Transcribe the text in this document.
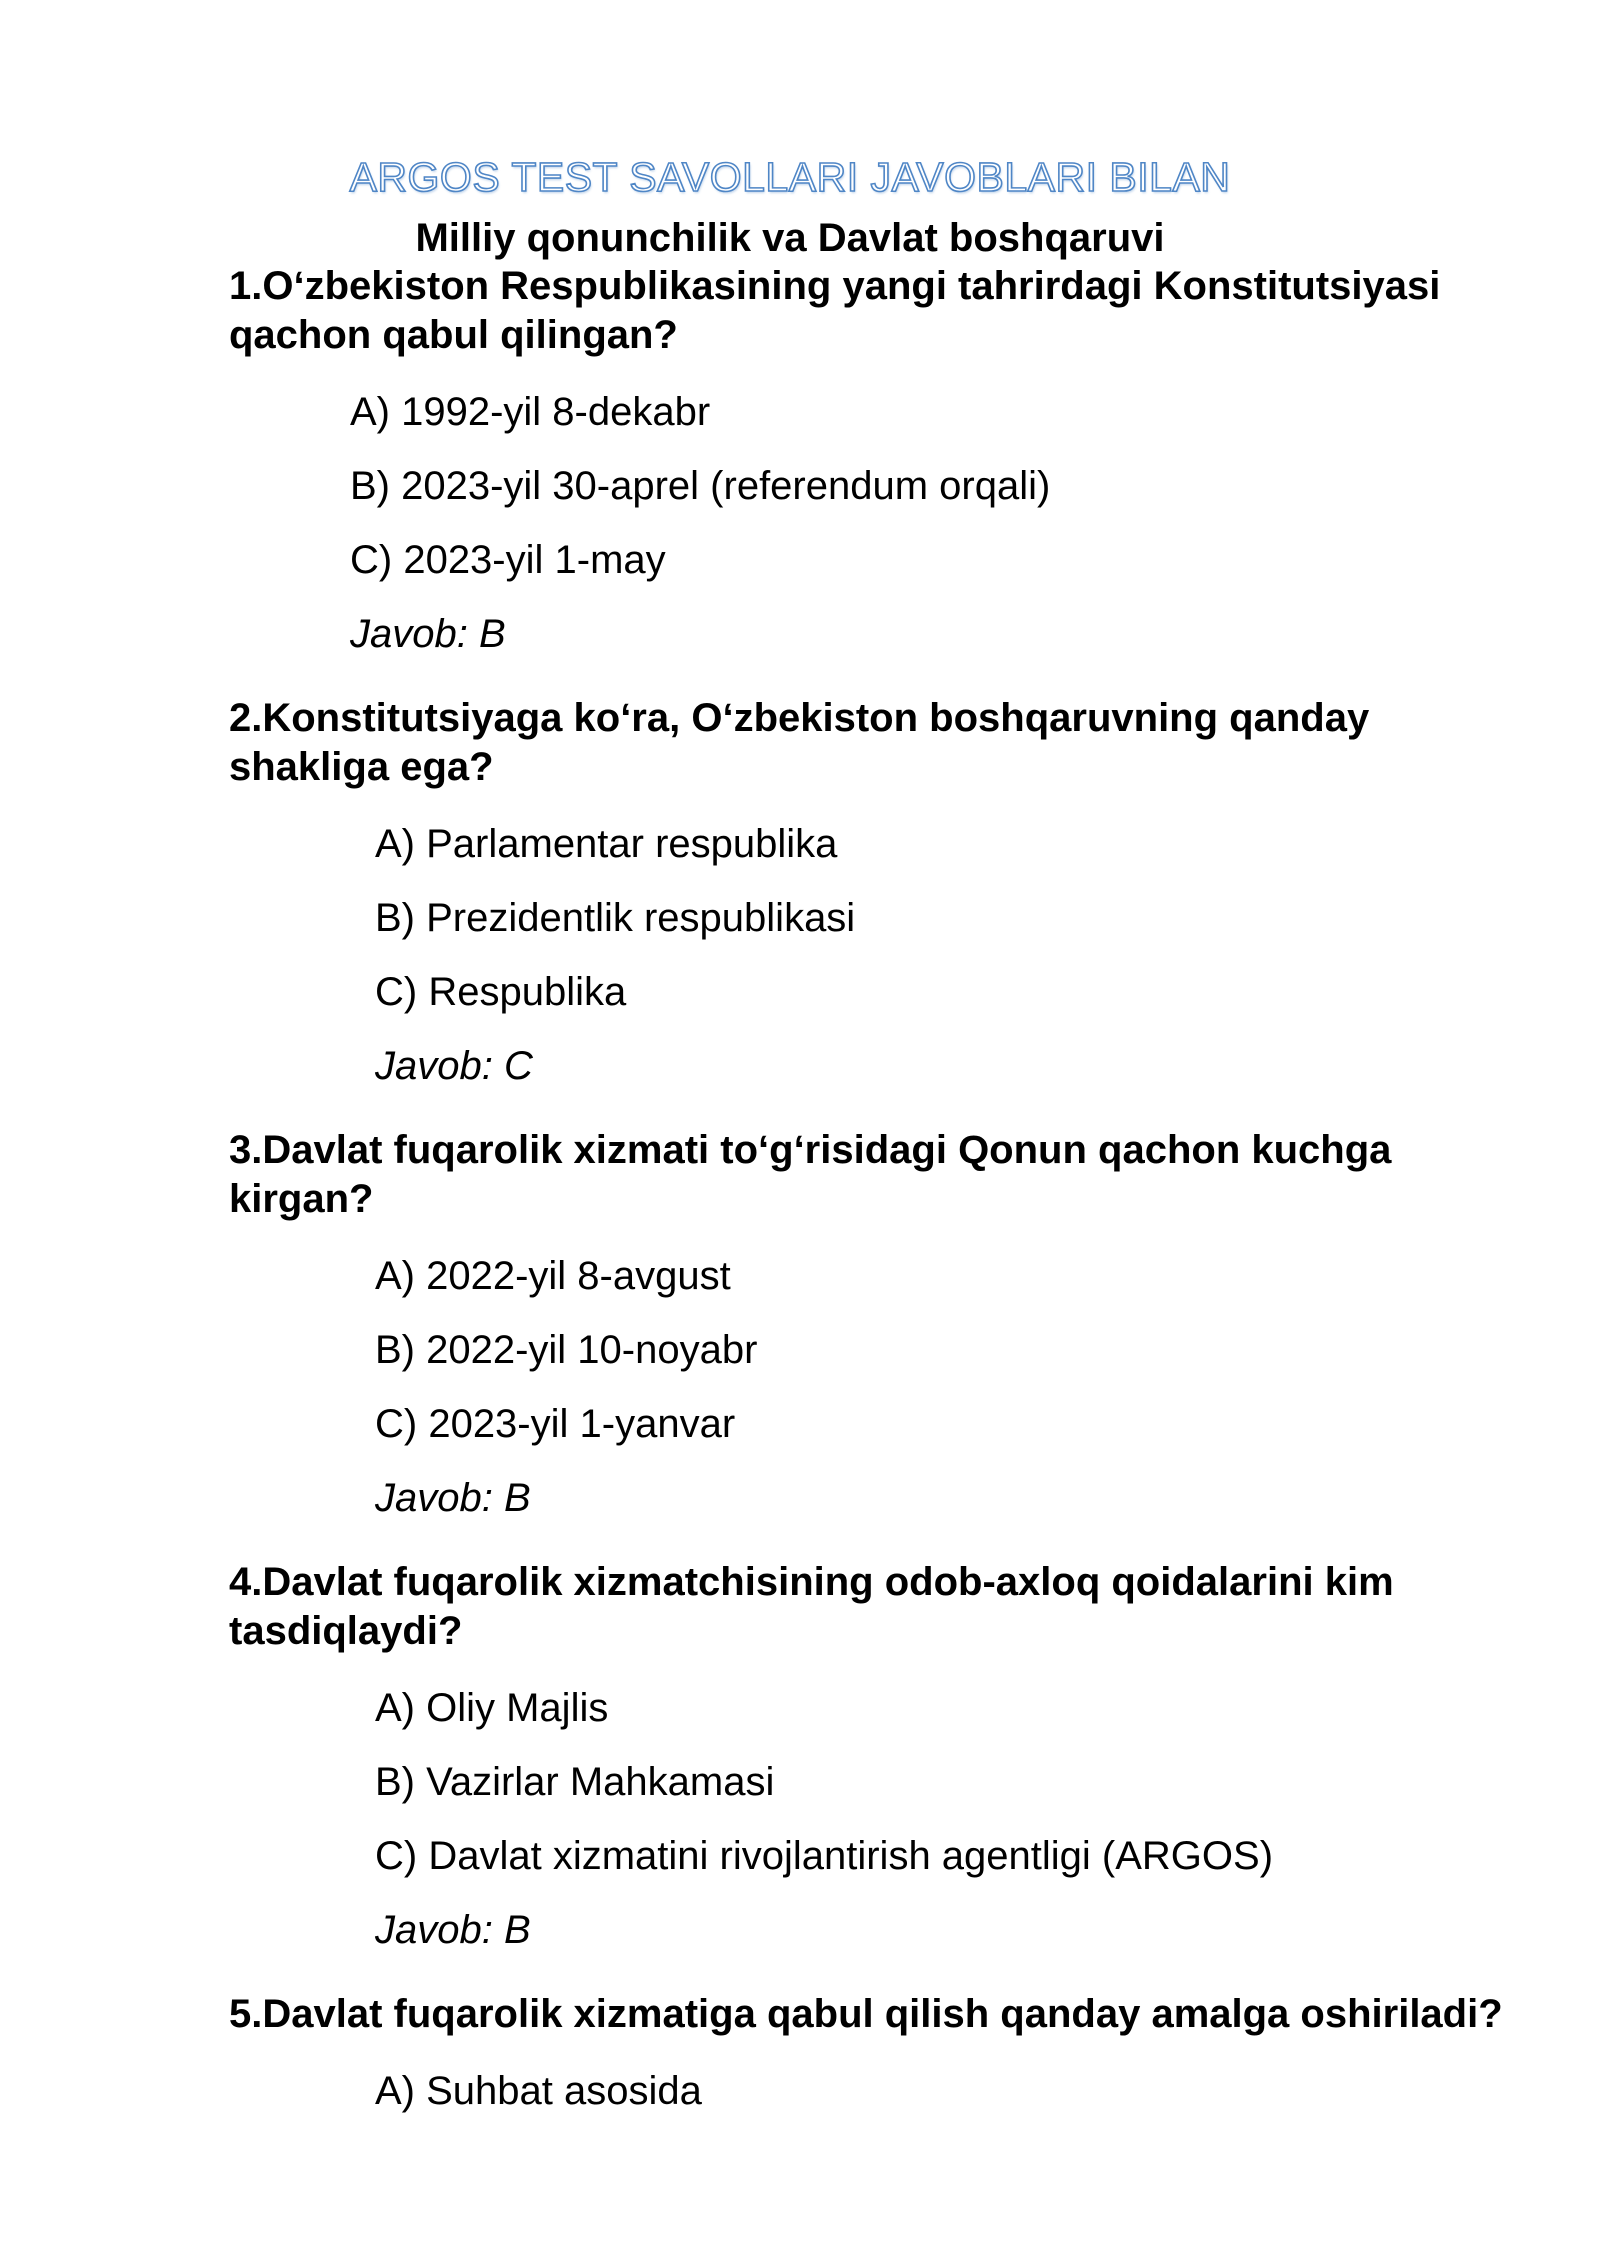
ARGOS TEST SAVOLLARI JAVOBLARI BILAN
Milliy qonunchilik va Davlat boshqaruvi

1.O‘zbekiston Respublikasining yangi tahrirdagi Konstitutsiyasi qachon qabul qilingan?

A) 1992-yil 8-dekabr
B) 2023-yil 30-aprel (referendum orqali)
C) 2023-yil 1-may
Javob: B

2.Konstitutsiyaga ko‘ra, O‘zbekiston boshqaruvning qanday shakliga ega?

A) Parlamentar respublika
B) Prezidentlik respublikasi
C) Respublika
Javob: C

3.Davlat fuqarolik xizmati to‘g‘risidagi Qonun qachon kuchga kirgan?

A) 2022-yil 8-avgust
B) 2022-yil 10-noyabr
C) 2023-yil 1-yanvar
Javob: B

4.Davlat fuqarolik xizmatchisining odob-axloq qoidalarini kim tasdiqlaydi?

A) Oliy Majlis
B) Vazirlar Mahkamasi
C) Davlat xizmatini rivojlantirish agentligi (ARGOS)
Javob: B

5.Davlat fuqarolik xizmatiga qabul qilish qanday amalga oshiriladi?

A) Suhbat asosida
